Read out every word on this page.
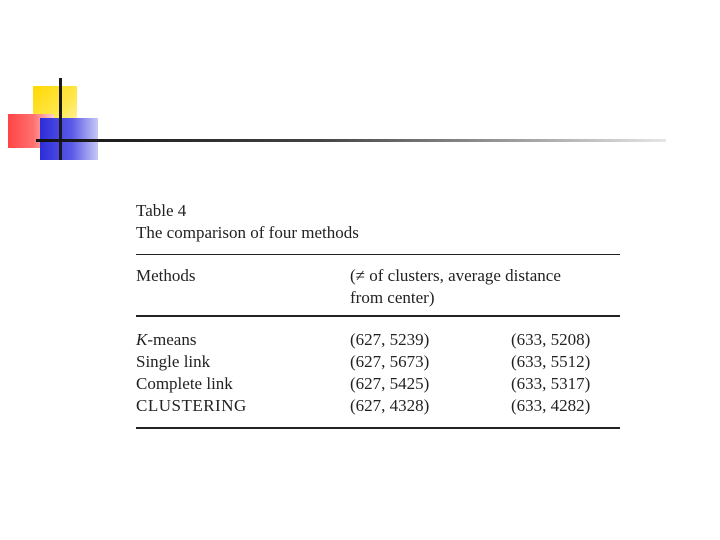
Table 4
The comparison of four methods
Methods	(≠ of clusters, average distance
from center)
K-means	(627, 5239)	(633, 5208)
Single link	(627, 5673)	(633, 5512)
Complete link	(627, 5425)	(633, 5317)
CLUSTERING	(627, 4328)	(633, 4282)
